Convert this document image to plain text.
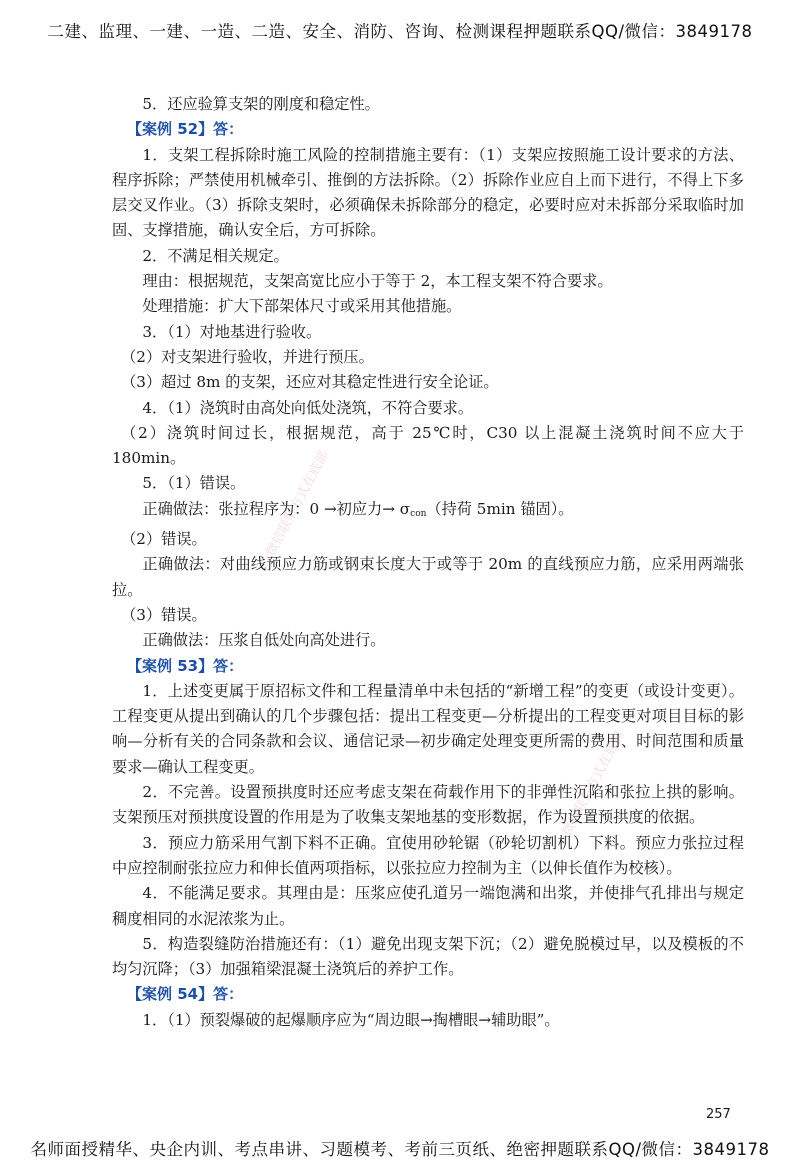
二建、监理、一建、一造、二造、安全、消防、咨询、检测课程押题联系QQ/微信：3849178
微信联系方式在底部
微信联系方式在底部
5．还应验算支架的刚度和稳定性。
【案例 52】答：
1．支架工程拆除时施工风险的控制措施主要有：（1）支架应按照施工设计要求的方法、程序拆除；严禁使用机械牵引、推倒的方法拆除。（2）拆除作业应自上而下进行，不得上下多层交叉作业。（3）拆除支架时，必须确保未拆除部分的稳定，必要时应对未拆部分采取临时加固、支撑措施，确认安全后，方可拆除。
2．不满足相关规定。
理由：根据规范，支架高宽比应小于等于 2，本工程支架不符合要求。
处理措施：扩大下部架体尺寸或采用其他措施。
3．（1）对地基进行验收。
（2）对支架进行验收，并进行预压。
（3）超过 8m 的支架，还应对其稳定性进行安全论证。
4．（1）浇筑时由高处向低处浇筑，不符合要求。
（2）浇筑时间过长，根据规范，高于 25℃时，C30 以上混凝土浇筑时间不应大于 180min。
5．（1）错误。
正确做法：张拉程序为：0 →初应力→ $\sigma_{con}$（持荷 5min 锚固）。
（2）错误。
正确做法：对曲线预应力筋或钢束长度大于或等于 20m 的直线预应力筋，应采用两端张拉。
（3）错误。
正确做法：压浆自低处向高处进行。
【案例 53】答：
1．上述变更属于原招标文件和工程量清单中未包括的“新增工程”的变更（或设计变更）。工程变更从提出到确认的几个步骤包括：提出工程变更—分析提出的工程变更对项目目标的影响—分析有关的合同条款和会议、通信记录—初步确定处理变更所需的费用、时间范围和质量要求—确认工程变更。
2．不完善。设置预拱度时还应考虑支架在荷载作用下的非弹性沉陷和张拉上拱的影响。支架预压对预拱度设置的作用是为了收集支架地基的变形数据，作为设置预拱度的依据。
3．预应力筋采用气割下料不正确。宜使用砂轮锯（砂轮切割机）下料。预应力张拉过程中应控制耐张拉应力和伸长值两项指标，以张拉应力控制为主（以伸长值作为校核）。
4．不能满足要求。其理由是：压浆应使孔道另一端饱满和出浆，并使排气孔排出与规定稠度相同的水泥浓浆为止。
5．构造裂缝防治措施还有：（1）避免出现支架下沉；（2）避免脱模过早，以及模板的不均匀沉降；（3）加强箱梁混凝土浇筑后的养护工作。
【案例 54】答：
1．（1）预裂爆破的起爆顺序应为“周边眼→掏槽眼→辅助眼”。
257
名师面授精华、央企内训、考点串讲、习题模考、考前三页纸、绝密押题联系QQ/微信：3849178
